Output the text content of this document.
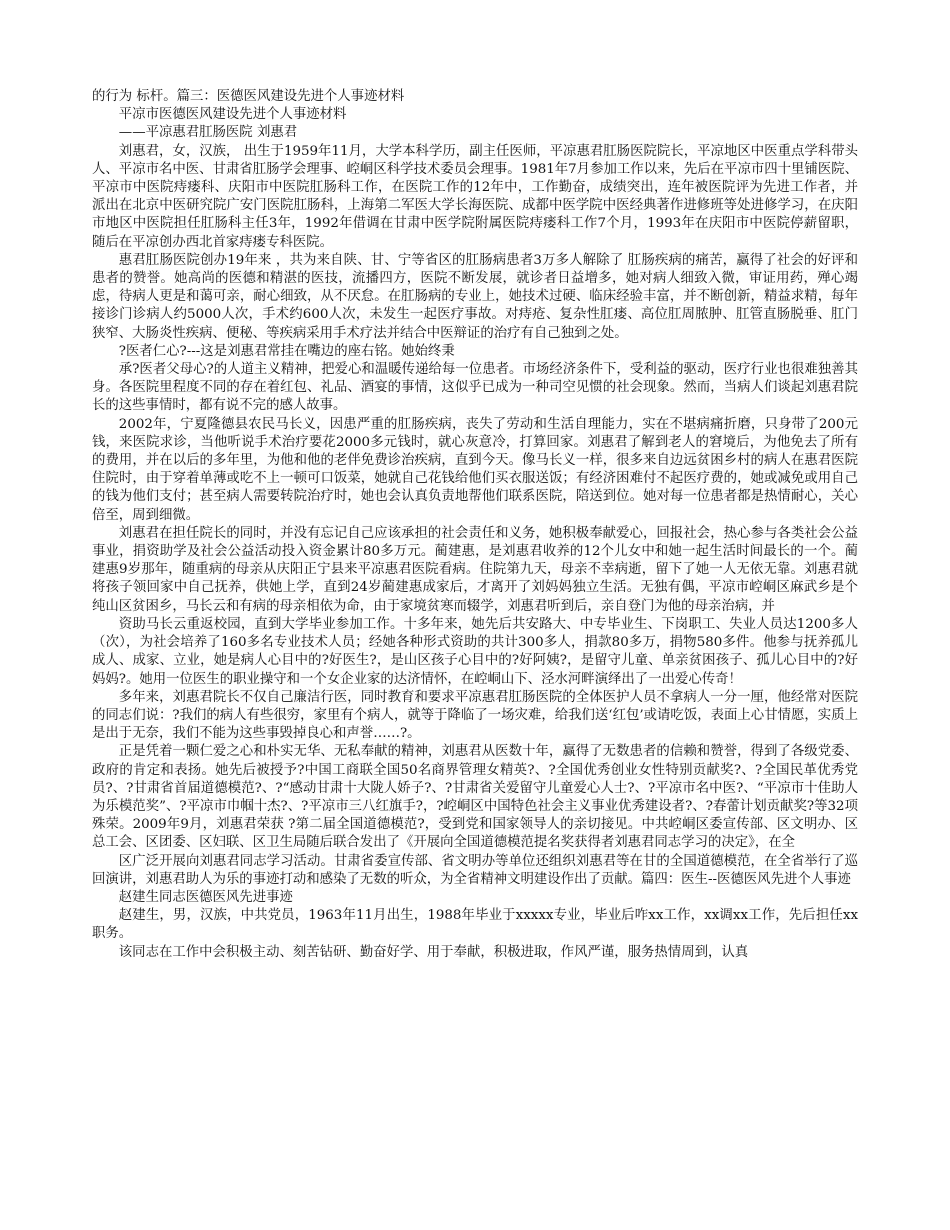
的行为 标杆。篇三：医德医风建设先进个人事迹材料

平凉市医德医风建设先进个人事迹材料

——平凉惠君肛肠医院 刘惠君

刘惠君，女，汉族， 出生于1959年11月，大学本科学历，副主任医师，平凉惠君肛肠医院院长，平凉地区中医重点学科带头人、平凉市名中医、甘肃省肛肠学会理事、崆峒区科学技术委员会理事。1981年7月参加工作以来，先后在平凉市四十里铺医院、平凉市中医院痔瘘科、庆阳市中医院肛肠科工作，在医院工作的12年中，工作勤奋，成绩突出，连年被医院评为先进工作者，并派出在北京中医研究院广安门医院肛肠科，上海第二军医大学长海医院、成都中医学院中医经典著作进修班等处进修学习，在庆阳市地区中医院担任肛肠科主任3年，1992年借调在甘肃中医学院附属医院痔瘘科工作7个月，1993年在庆阳市中医院停薪留职，随后在平凉创办西北首家痔瘘专科医院。

惠君肛肠医院创办19年来 ，共为来自陕、甘、宁等省区的肛肠病患者3万多人解除了 肛肠疾病的痛苦，赢得了社会的好评和患者的赞誉。她高尚的医德和精湛的医技，流播四方，医院不断发展，就诊者日益增多，她对病人细致入微，审证用药，殚心竭虑，待病人更是和蔼可亲，耐心细致，从不厌怠。在肛肠病的专业上，她技术过硬、临床经验丰富，并不断创新，精益求精，每年接诊门诊病人约5000人次，手术约600人次，未发生一起医疗事故。对痔疮、复杂性肛瘘、高位肛周脓肿、肛管直肠脱垂、肛门狭窄、大肠炎性疾病、便秘、等疾病采用手术疗法并结合中医辩证的治疗有自己独到之处。

?医者仁心?---这是刘惠君常挂在嘴边的座右铭。她始终秉

承?医者父母心?的人道主义精神，把爱心和温暖传递给每一位患者。市场经济条件下，受利益的驱动，医疗行业也很难独善其身。各医院里程度不同的存在着红包、礼品、酒宴的事情，这似乎已成为一种司空见惯的社会现象。然而，当病人们谈起刘惠君院长的这些事情时，都有说不完的感人故事。

2002年，宁夏隆德县农民马长义，因患严重的肛肠疾病，丧失了劳动和生活自理能力，实在不堪病痛折磨，只身带了200元钱，来医院求诊，当他听说手术治疗要花2000多元钱时，就心灰意冷，打算回家。刘惠君了解到老人的窘境后，为他免去了所有的费用，并在以后的多年里，为他和他的老伴免费诊治疾病，直到今天。像马长义一样，很多来自边远贫困乡村的病人在惠君医院住院时，由于穿着单薄或吃不上一顿可口饭菜，她就自己花钱给他们买衣服送饭；有经济困难付不起医疗费的，她或减免或用自己的钱为他们支付；甚至病人需要转院治疗时，她也会认真负责地帮他们联系医院，陪送到位。她对每一位患者都是热情耐心，关心倍至，周到细微。

刘惠君在担任院长的同时，并没有忘记自己应该承担的社会责任和义务，她积极奉献爱心，回报社会，热心参与各类社会公益事业，捐资助学及社会公益活动投入资金累计80多万元。蔺建惠，是刘惠君收养的12个儿女中和她一起生活时间最长的一个。蔺建惠9岁那年，随重病的母亲从庆阳正宁县来平凉惠君医院看病。住院第九天，母亲不幸病逝，留下了她一人无依无靠。刘惠君就将孩子领回家中自己抚养，供她上学，直到24岁蔺建惠成家后，才离开了刘妈妈独立生活。无独有偶，平凉市崆峒区麻武乡是个纯山区贫困乡，马长云和有病的母亲相依为命，由于家境贫寒而辍学，刘惠君听到后，亲自登门为他的母亲治病，并

资助马长云重返校园，直到大学毕业参加工作。十多年来，她先后共安路大、中专毕业生、下岗职工、失业人员达1200多人（次），为社会培养了160多名专业技术人员；经她各种形式资助的共计300多人，捐款80多万，捐物580多件。他参与抚养孤儿成人、成家、立业，她是病人心目中的?好医生?，是山区孩子心目中的?好阿姨?，是留守儿童、单亲贫困孩子、孤儿心目中的?好妈妈?。她用一位医生的职业操守和一个女企业家的达济情怀，在崆峒山下、泾水河畔演绎出了一出爱心传奇！

多年来，刘惠君院长不仅自己廉洁行医，同时教育和要求平凉惠君肛肠医院的全体医护人员不拿病人一分一厘，他经常对医院的同志们说：?我们的病人有些很穷，家里有个病人，就等于降临了一场灾难，给我们送‘红包’或请吃饭，表面上心甘情愿，实质上是出于无奈，我们不能为这些事毁掉良心和声誉……?。

正是凭着一颗仁爱之心和朴实无华、无私奉献的精神，刘惠君从医数十年，赢得了无数患者的信赖和赞誉，得到了各级党委、政府的肯定和表扬。她先后被授予?中国工商联全国50名商界管理女精英?、?全国优秀创业女性特别贡献奖?、?全国民革优秀党员?、?甘肃省首届道德模范?、?“感动甘肃十大陇人娇子?、?甘肃省关爱留守儿童爱心人士?、?平凉市名中医?、“平凉市十佳助人为乐模范奖”、?平凉市巾帼十杰?、?平凉市三八红旗手?，?崆峒区中国特色社会主义事业优秀建设者?、?春蕾计划贡献奖?等32项殊荣。2009年9月，刘惠君荣获 ?第二届全国道德模范?，受到党和国家领导人的亲切接见。中共崆峒区委宣传部、区文明办、区总工会、区团委、区妇联、区卫生局随后联合发出了《开展向全国道德模范提名奖获得者刘惠君同志学习的决定》，在全

区广泛开展向刘惠君同志学习活动。甘肃省委宣传部、省文明办等单位还组织刘惠君等在甘的全国道德模范，在全省举行了巡回演讲，刘惠君助人为乐的事迹打动和感染了无数的听众，为全省精神文明建设作出了贡献。篇四：医生--医德医风先进个人事迹

赵建生同志医德医风先进事迹

赵建生，男，汉族，中共党员，1963年11月出生，1988年毕业于xxxxx专业，毕业后咋xx工作，xx调xx工作，先后担任xx职务。

该同志在工作中会积极主动、刻苦钻研、勤奋好学、用于奉献，积极进取，作风严谨，服务热情周到，认真
